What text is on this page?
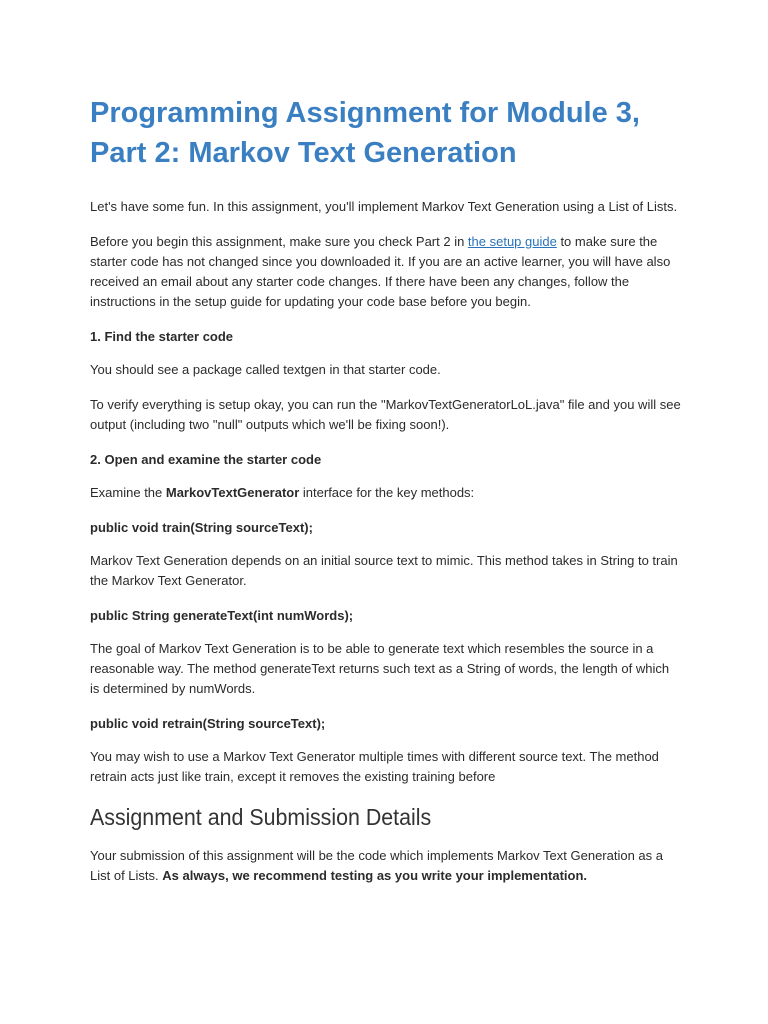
Programming Assignment for Module 3, Part 2: Markov Text Generation

Let's have some fun. In this assignment, you'll implement Markov Text Generation using a List of Lists.

Before you begin this assignment, make sure you check Part 2 in the setup guide to make sure the starter code has not changed since you downloaded it. If you are an active learner, you will have also received an email about any starter code changes. If there have been any changes, follow the instructions in the setup guide for updating your code base before you begin.

1. Find the starter code

You should see a package called textgen in that starter code.

To verify everything is setup okay, you can run the "MarkovTextGeneratorLoL.java" file and you will see output (including two "null" outputs which we'll be fixing soon!).

2. Open and examine the starter code

Examine the MarkovTextGenerator interface for the key methods:

public void train(String sourceText);

Markov Text Generation depends on an initial source text to mimic. This method takes in String to train the Markov Text Generator.

public String generateText(int numWords);

The goal of Markov Text Generation is to be able to generate text which resembles the source in a reasonable way. The method generateText returns such text as a String of words, the length of which is determined by numWords.

public void retrain(String sourceText);

You may wish to use a Markov Text Generator multiple times with different source text. The method retrain acts just like train, except it removes the existing training before

Assignment and Submission Details

Your submission of this assignment will be the code which implements Markov Text Generation as a List of Lists. As always, we recommend testing as you write your implementation.
